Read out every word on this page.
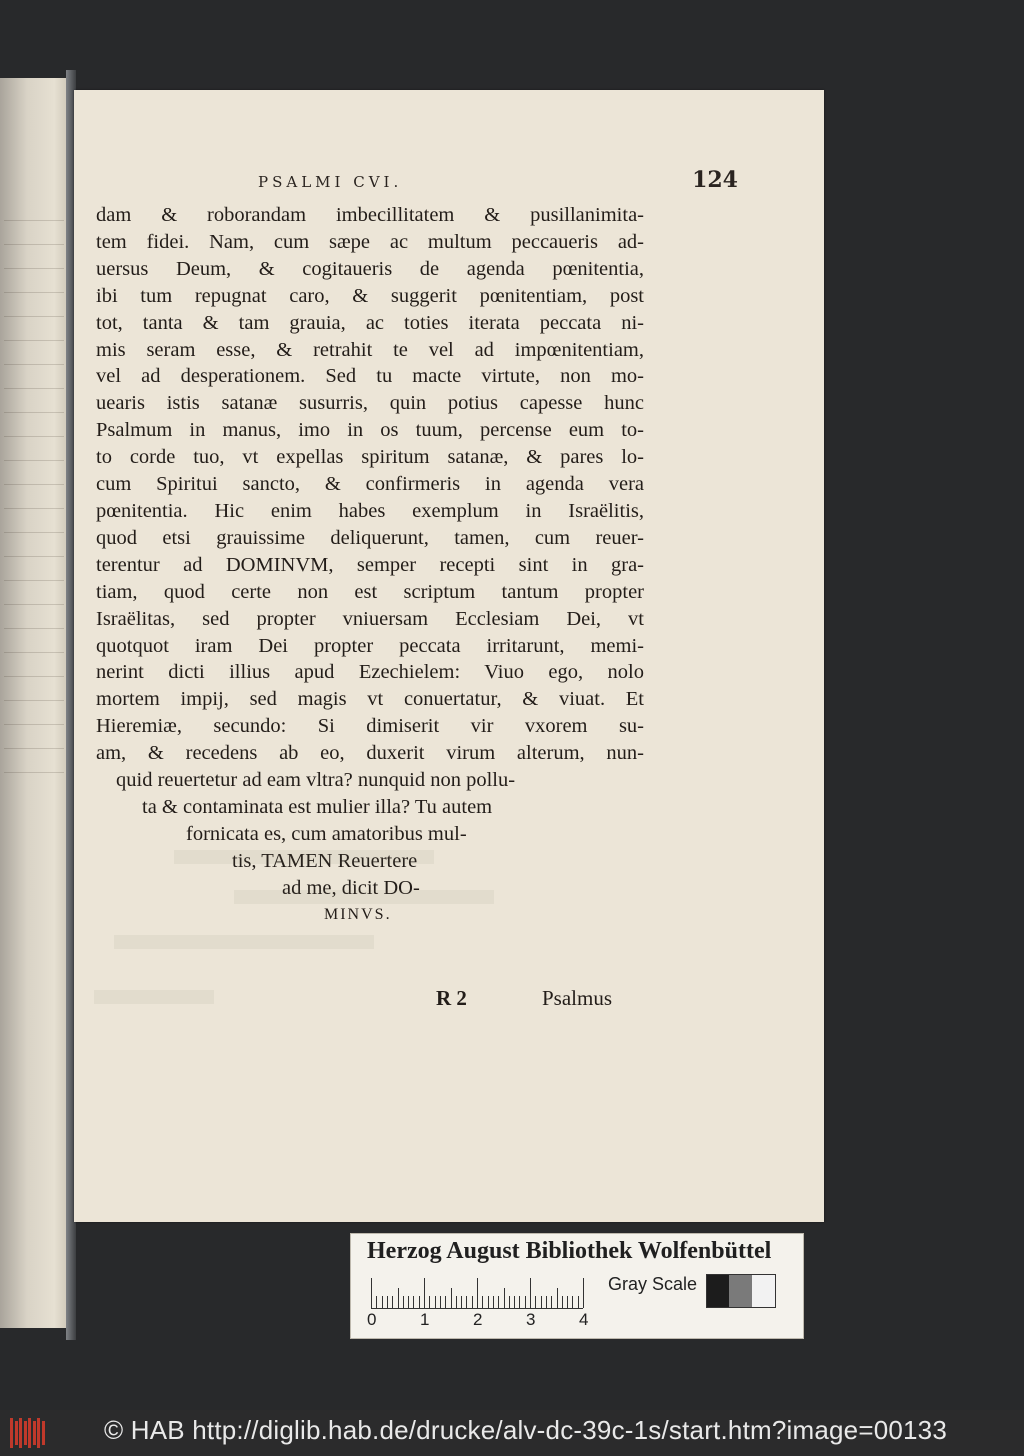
PSALMI CVI.	124
dam & roborandam imbecillitatem & pusillanimita-
tem fidei. Nam, cum sæpe ac multum peccaueris ad-
uersus Deum, & cogitaueris de agenda pœnitentia,
ibi tum repugnat caro, & suggerit pœnitentiam, post
tot, tanta & tam grauia, ac toties iterata peccata ni-
mis seram esse, & retrahit te vel ad impœnitentiam,
vel ad desperationem. Sed tu macte virtute, non mo-
uearis istis satanæ susurris, quin potius capesse hunc
Psalmum in manus, imo in os tuum, percense eum to-
to corde tuo, vt expellas spiritum satanæ, & pares lo-
cum Spiritui sancto, & confirmeris in agenda vera
pœnitentia. Hic enim habes exemplum in Israëlitis,
quod etsi grauissime deliquerunt, tamen, cum reuer-
terentur ad DOMINVM, semper recepti sint in gra-
tiam, quod certe non est scriptum tantum propter
Israëlitas, sed propter vniuersam Ecclesiam Dei, vt
quotquot iram Dei propter peccata irritarunt, memi-
nerint dicti illius apud Ezechielem: Viuo ego, nolo
mortem impij, sed magis vt conuertatur, & viuat. Et
Hieremiæ, secundo: Si dimiserit vir vxorem su-
am, & recedens ab eo, duxerit virum alterum, nun-
quid reuertetur ad eam vltra? nunquid non pollu-
ta & contaminata est mulier illa? Tu autem
fornicata es, cum amatoribus mul-
tis, TAMEN Reuertere
ad me, dicit DO-
MINVS.
R 2	Psalmus
Herzog August Bibliothek Wolfenbüttel
0	1	2	3	4
Gray Scale
© HAB http://diglib.hab.de/drucke/alv-dc-39c-1s/start.htm?image=00133
